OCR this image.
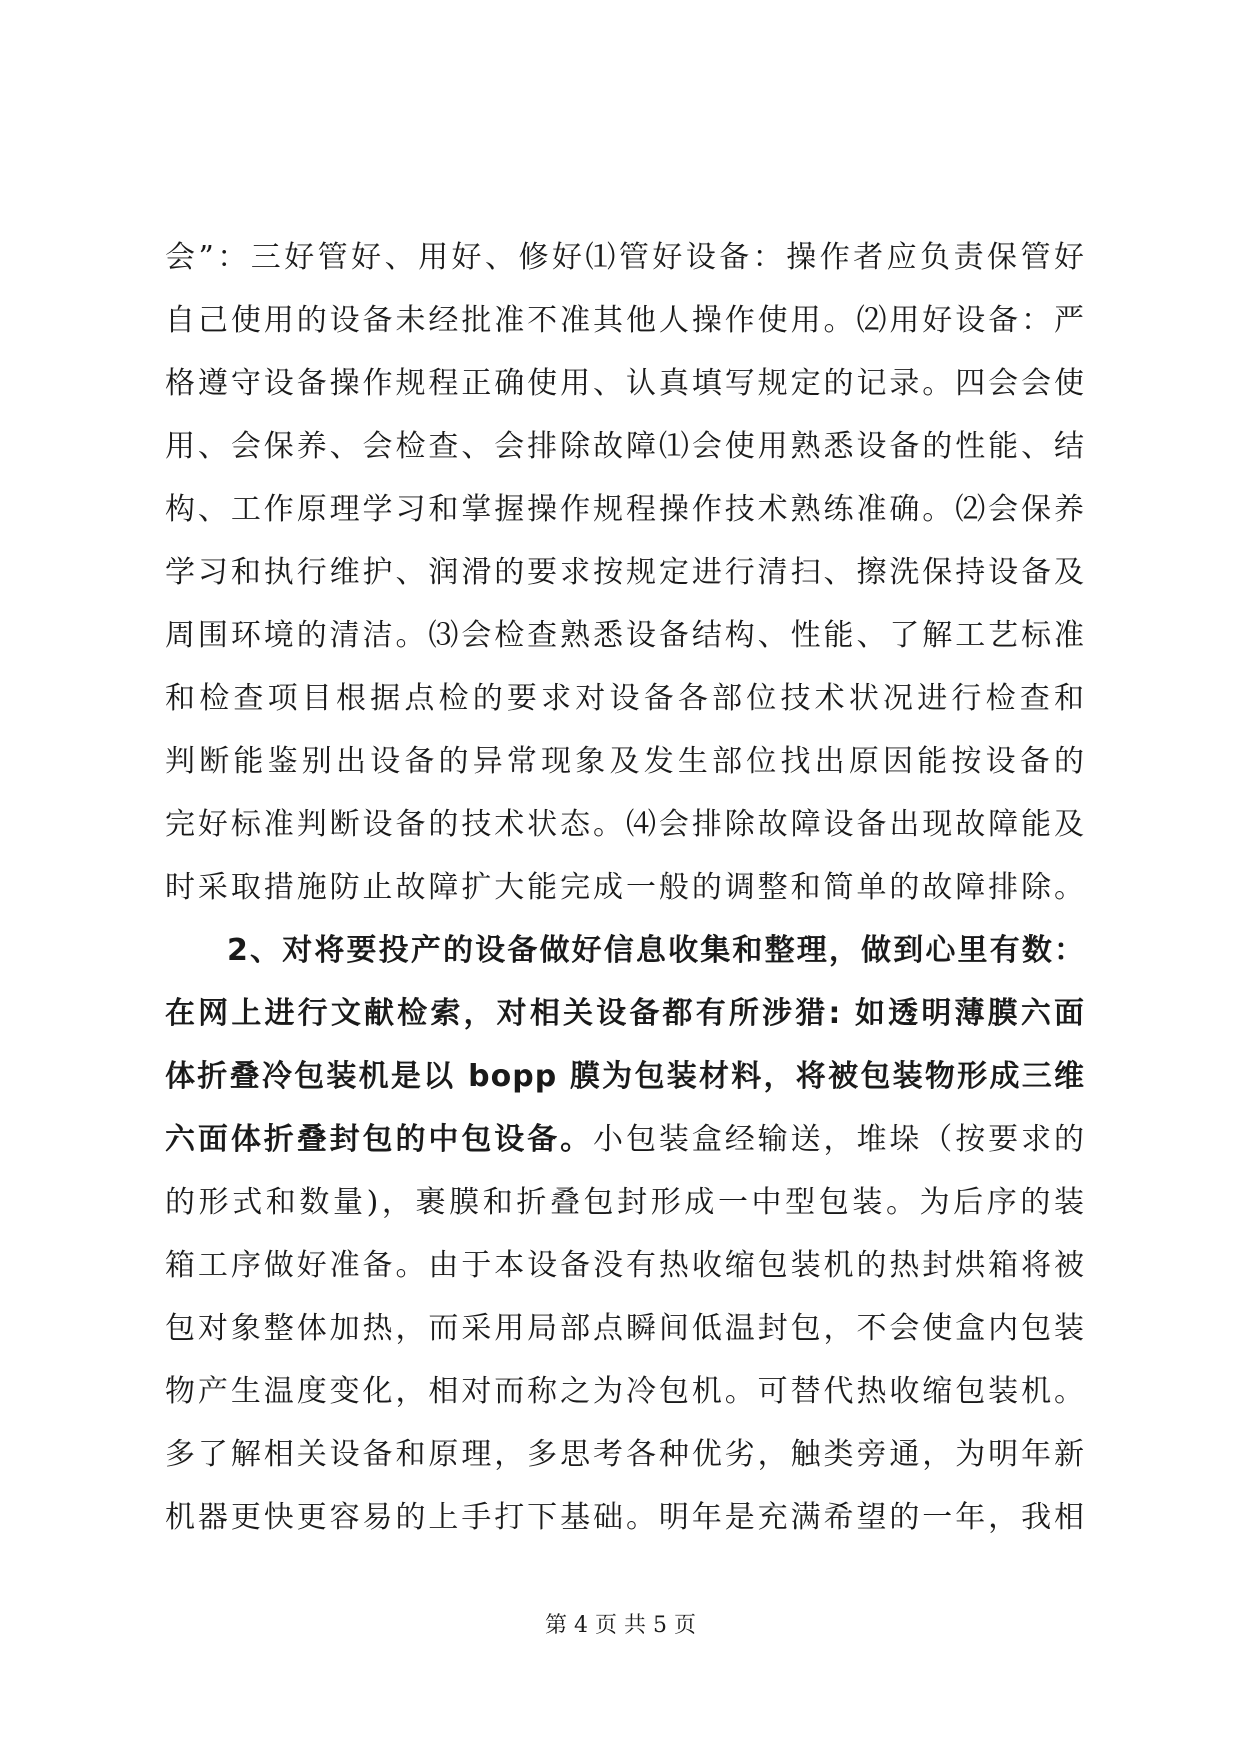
会”：三好管好、用好、修好⑴管好设备：操作者应负责保管好
自己使用的设备未经批准不准其他人操作使用。⑵用好设备：严
格遵守设备操作规程正确使用、认真填写规定的记录。四会会使
用、会保养、会检查、会排除故障⑴会使用熟悉设备的性能、结
构、工作原理学习和掌握操作规程操作技术熟练准确。⑵会保养
学习和执行维护、润滑的要求按规定进行清扫、擦洗保持设备及
周围环境的清洁。⑶会检查熟悉设备结构、性能、了解工艺标准
和检查项目根据点检的要求对设备各部位技术状况进行检查和
判断能鉴别出设备的异常现象及发生部位找出原因能按设备的
完好标准判断设备的技术状态。⑷会排除故障设备出现故障能及
时采取措施防止故障扩大能完成一般的调整和简单的故障排除。
2、对将要投产的设备做好信息收集和整理，做到心里有数：
在网上进行文献检索，对相关设备都有所涉猎: 如透明薄膜六面
体折叠冷包装机是以 bopp 膜为包装材料，将被包装物形成三维
六面体折叠封包的中包设备。小包装盒经输送，堆垛（按要求的
的形式和数量)，裹膜和折叠包封形成一中型包装。为后序的装
箱工序做好准备。由于本设备没有热收缩包装机的热封烘箱将被
包对象整体加热，而采用局部点瞬间低温封包，不会使盒内包装
物产生温度变化，相对而称之为冷包机。可替代热收缩包装机。
多了解相关设备和原理，多思考各种优劣，触类旁通，为明年新
机器更快更容易的上手打下基础。明年是充满希望的一年，我相
第 4 页 共 5 页
